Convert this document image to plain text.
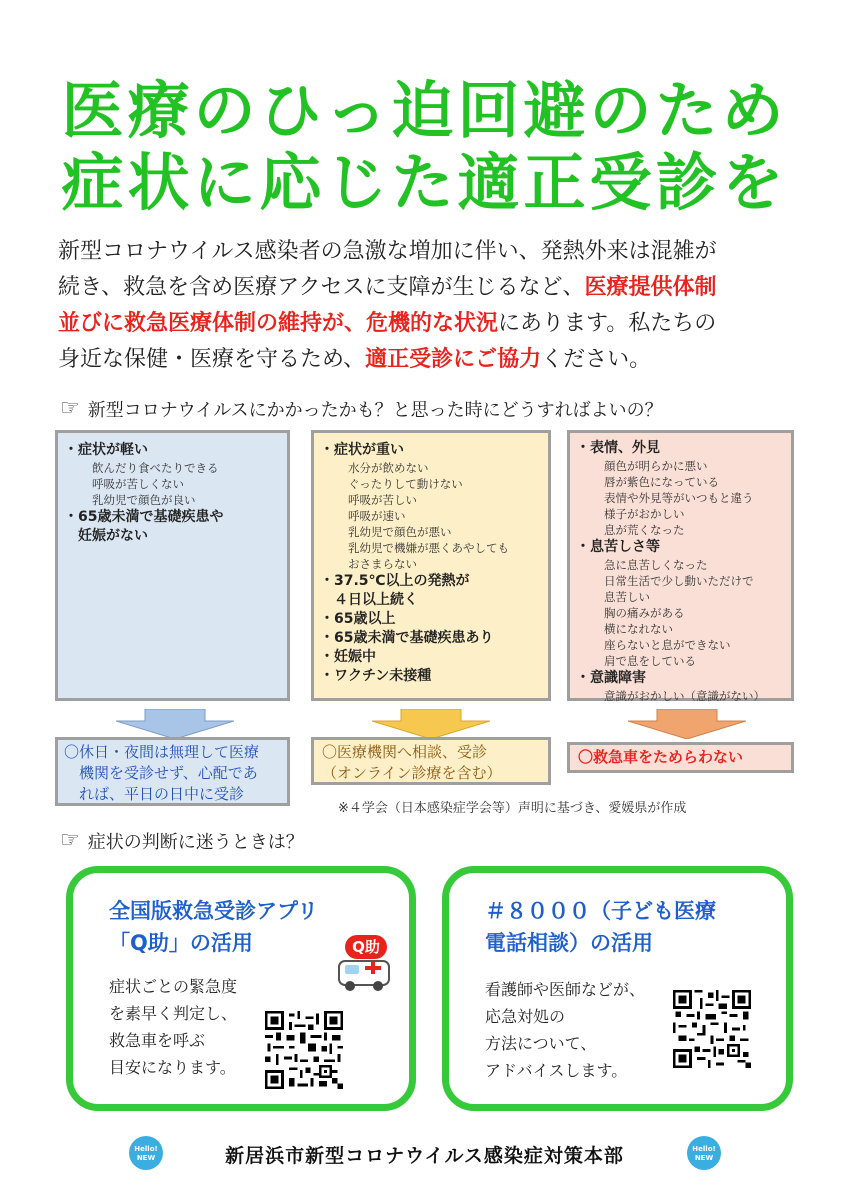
医療のひっ迫回避のため
症状に応じた適正受診を

新型コロナウイルス感染者の急激な増加に伴い、発熱外来は混雑が

続き、救急を含め医療アクセスに支障が生じるなど、医療提供体制

並びに救急医療体制の維持が、危機的な状況にあります。私たちの

身近な保健・医療を守るため、適正受診にご協力ください。

☞ 新型コロナウイルスにかかったかも？と思った時にどうすればよいの？
・症状が軽い
飲んだり食べたりできる
呼吸が苦しくない
乳幼児で顔色が良い
・65歳未満で基礎疾患や
　妊娠がない
・症状が重い
水分が飲めない
ぐったりして動けない
呼吸が苦しい
呼吸が速い
乳幼児で顔色が悪い
乳幼児で機嫌が悪くあやしても
おさまらない
・37.5℃以上の発熱が
　４日以上続く
・65歳以上
・65歳未満で基礎疾患あり
・妊娠中
・ワクチン未接種
・表情、外見
顔色が明らかに悪い
唇が紫色になっている
表情や外見等がいつもと違う
様子がおかしい
息が荒くなった
・息苦しさ等
急に息苦しくなった
日常生活で少し動いただけで
息苦しい
胸の痛みがある
横になれない
座らないと息ができない
肩で息をしている
・意識障害
意識がおかしい（意識がない）
〇休日・夜間は無理して医療
　機関を受診せず、心配であ
　れば、平日の日中に受診
〇医療機関へ相談、受診
（オンライン診療を含む）
〇救急車をためらわない
※４学会（日本感染症学会等）声明に基づき、愛媛県が作成
☞ 症状の判断に迷うときは？
全国版救急受診アプリ
「Q助」の活用
症状ごとの緊急度
を素早く判定し、
救急車を呼ぶ
目安になります。
Q助
＃８０００（子ども医療
電話相談）の活用
看護師や医師などが、
応急対処の
方法について、
アドバイスします。
Hello! NEW	新居浜市新型コロナウイルス感染症対策本部	Hello! NEW
